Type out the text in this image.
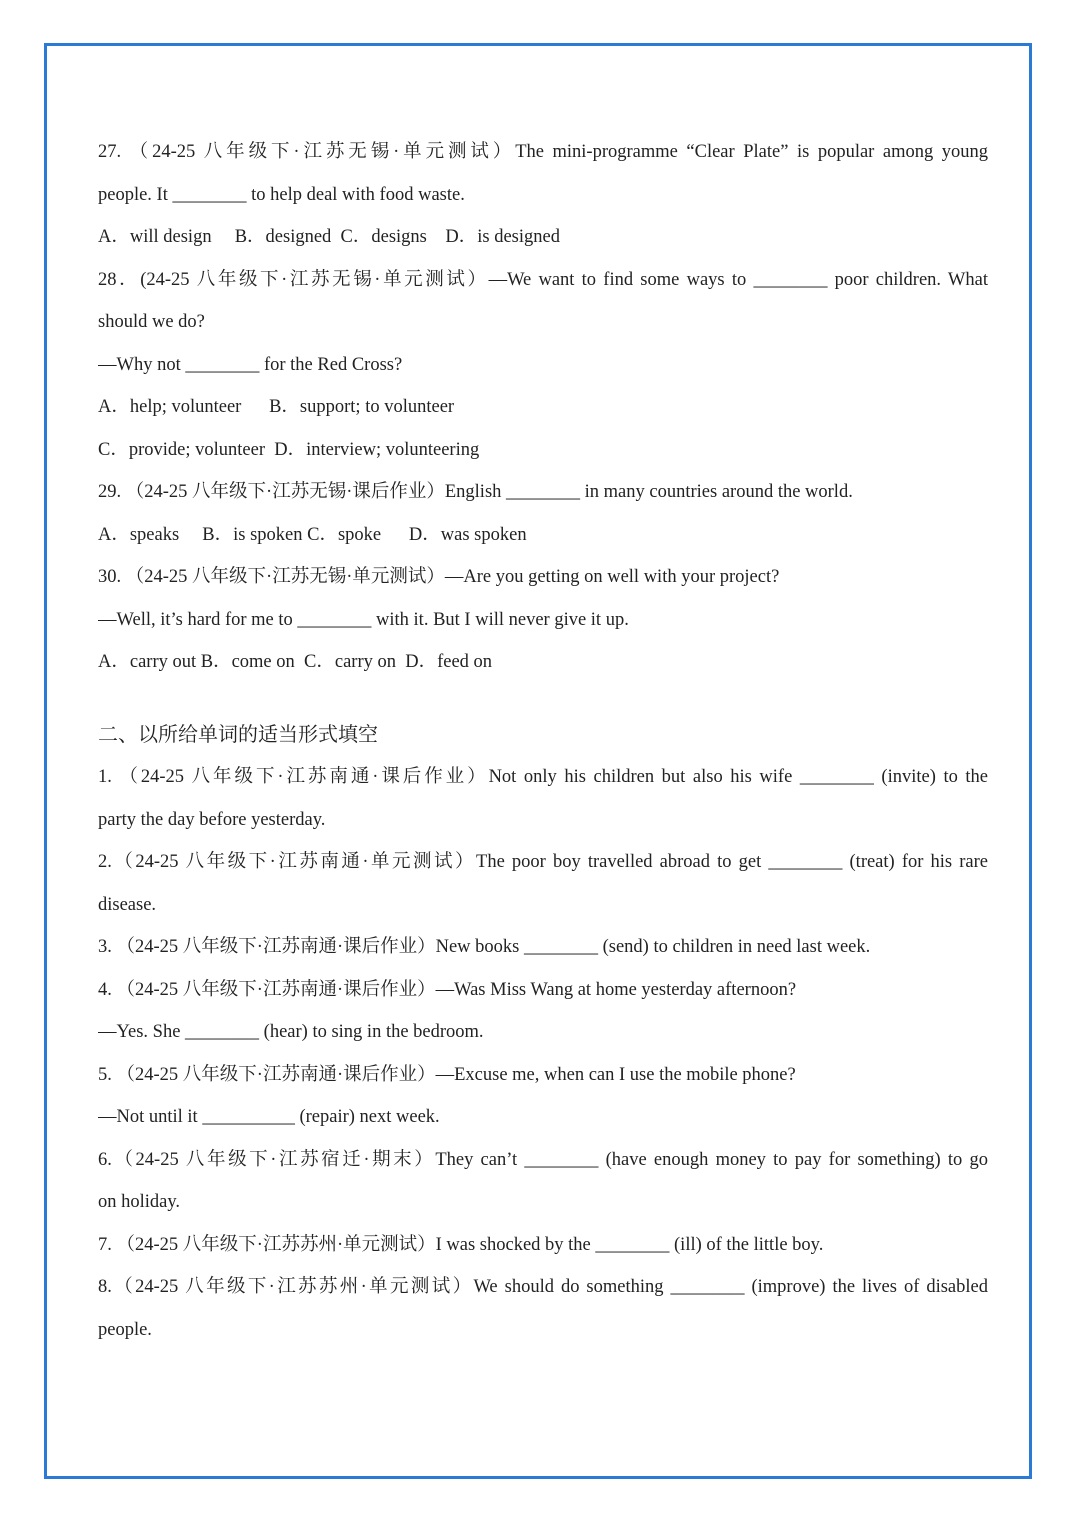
27. （24-25 八年级下·江苏无锡·单元测试）The mini-programme “Clear Plate” is popular among young
people. It ________ to help deal with food waste.
A．will design     B．designed  C．designs    D．is designed
28．(24-25 八年级下·江苏无锡·单元测试）—We want to find some ways to ________ poor children. What
should we do?
—Why not ________ for the Red Cross?
A．help; volunteer      B．support; to volunteer
C．provide; volunteer  D．interview; volunteering
29. （24-25 八年级下·江苏无锡·课后作业）English ________ in many countries around the world.
A．speaks     B．is spoken C．spoke      D．was spoken
30. （24-25 八年级下·江苏无锡·单元测试）—Are you getting on well with your project?
—Well, it’s hard for me to ________ with it. But I will never give it up.
A．carry out B．come on  C．carry on  D．feed on
二、以所给单词的适当形式填空
1. （24-25 八年级下·江苏南通·课后作业）Not only his children but also his wife ________ (invite) to the
party the day before yesterday.
2.（24-25 八年级下·江苏南通·单元测试）The poor boy travelled abroad to get ________ (treat) for his rare
disease.
3. （24-25 八年级下·江苏南通·课后作业）New books ________ (send) to children in need last week.
4. （24-25 八年级下·江苏南通·课后作业）—Was Miss Wang at home yesterday afternoon?
—Yes. She ________ (hear) to sing in the bedroom.
5. （24-25 八年级下·江苏南通·课后作业）—Excuse me, when can I use the mobile phone?
—Not until it __________ (repair) next week.
6.（24-25 八年级下·江苏宿迁·期末）They can’t ________ (have enough money to pay for something) to go
on holiday.
7. （24-25 八年级下·江苏苏州·单元测试）I was shocked by the ________ (ill) of the little boy.
8.（24-25 八年级下·江苏苏州·单元测试）We should do something ________ (improve) the lives of disabled
people.
